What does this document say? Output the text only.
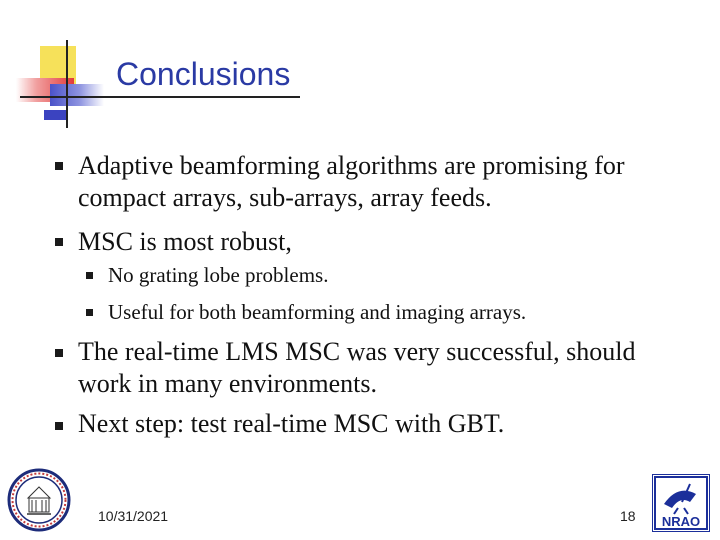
Conclusions
Adaptive beamforming algorithms are promising for
compact arrays, sub-arrays, array feeds.
MSC is most robust,
No grating lobe problems.
Useful for both beamforming and imaging arrays.
The real-time LMS MSC was very successful, should
work in many environments.
Next step: test real-time MSC with GBT.
10/31/2021	18 NRAO
